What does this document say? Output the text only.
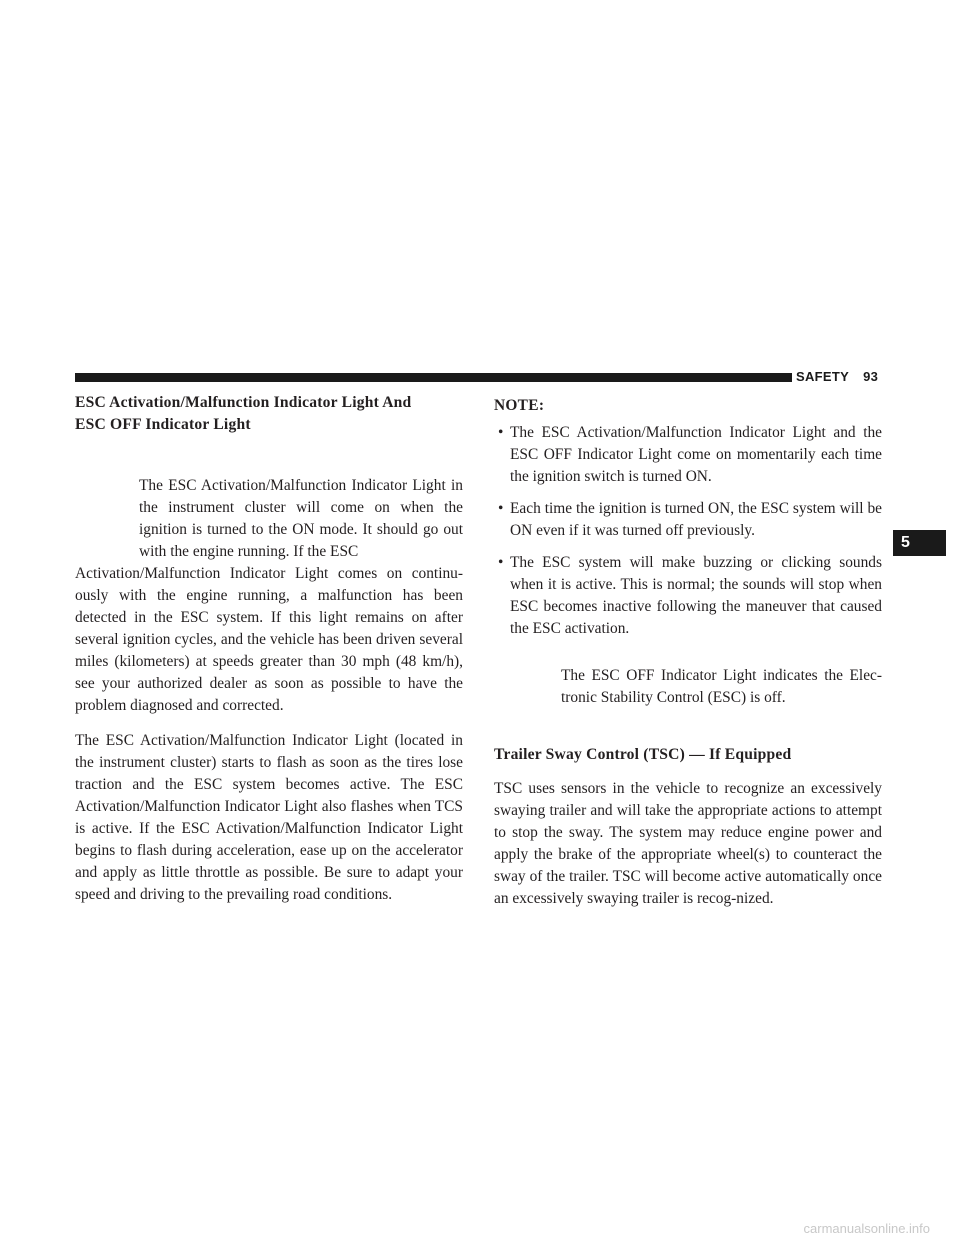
SAFETY 93
5
ESC Activation/Malfunction Indicator Light And
ESC OFF Indicator Light

The ESC Activation/Malfunction Indicator Light in the instrument cluster will come on when the ignition is turned to the ON mode. It should go out with the engine running. If the ESC

Activation/Malfunction Indicator Light comes on continu-ously with the engine running, a malfunction has been detected in the ESC system. If this light remains on after several ignition cycles, and the vehicle has been driven several miles (kilometers) at speeds greater than 30 mph (48 km/h), see your authorized dealer as soon as possible to have the problem diagnosed and corrected.

The ESC Activation/Malfunction Indicator Light (located in the instrument cluster) starts to flash as soon as the tires lose traction and the ESC system becomes active. The ESC Activation/Malfunction Indicator Light also flashes when TCS is active. If the ESC Activation/Malfunction Indicator Light begins to flash during acceleration, ease up on the accelerator and apply as little throttle as possible. Be sure to adapt your speed and driving to the prevailing road conditions.

NOTE:

• The ESC Activation/Malfunction Indicator Light and the ESC OFF Indicator Light come on momentarily each time the ignition switch is turned ON.
• Each time the ignition is turned ON, the ESC system will be ON even if it was turned off previously.
• The ESC system will make buzzing or clicking sounds when it is active. This is normal; the sounds will stop when ESC becomes inactive following the maneuver that caused the ESC activation.

The ESC OFF Indicator Light indicates the Elec-tronic Stability Control (ESC) is off.

Trailer Sway Control (TSC) — If Equipped

TSC uses sensors in the vehicle to recognize an excessively swaying trailer and will take the appropriate actions to attempt to stop the sway. The system may reduce engine power and apply the brake of the appropriate wheel(s) to counteract the sway of the trailer. TSC will become active automatically once an excessively swaying trailer is recog-nized.

carmanualsonline.info
